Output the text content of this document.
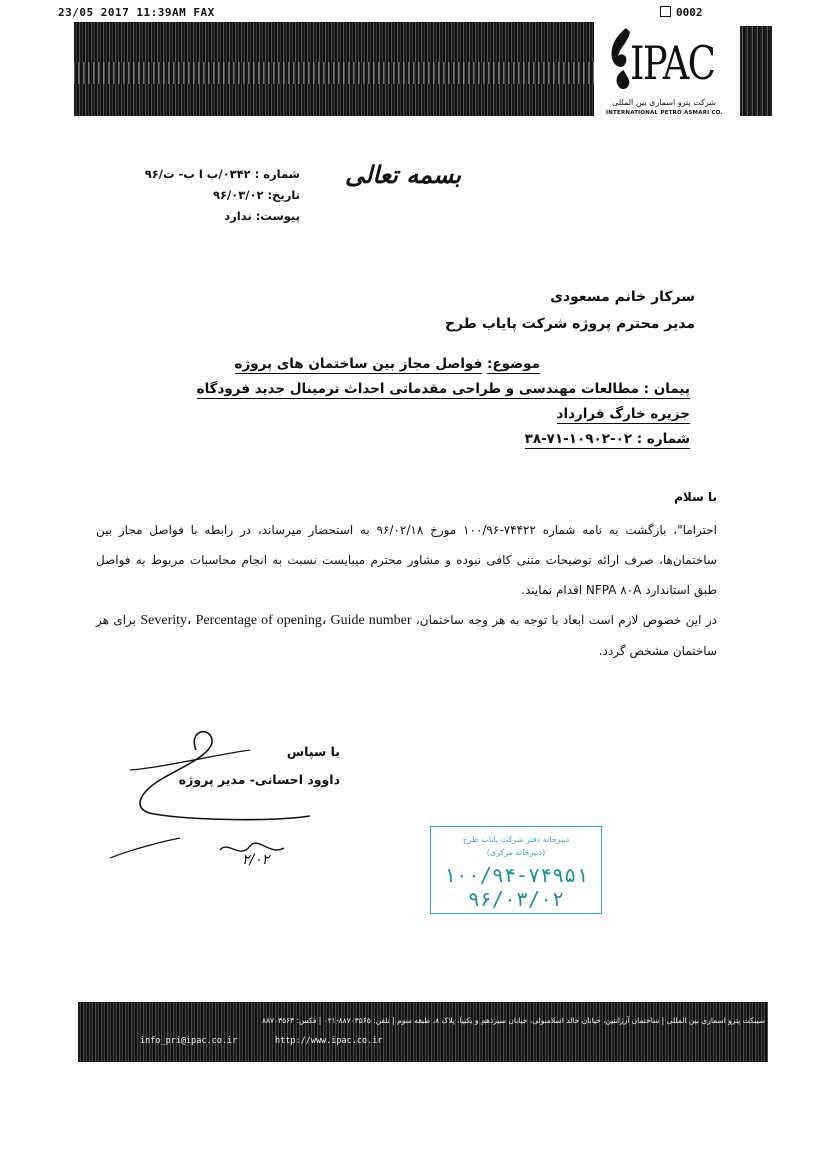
23/05 2017 11:39AM FAX	0002
IPAC
شرکت پترو اسماری بین المللی
INTERNATIONAL PETRO ASMARI CO.
بسمه تعالی
شماره : ۰۳۴۲/ب ا ب- ت/۹۶
تاریخ: ۹۶/۰۳/۰۲
پیوست: ندارد
سرکار خانم مسعودی
مدیر محترم پروژه شرکت پایاب طرح
موضوع: فواصل مجاز بین ساختمان های پروژه
پیمان : مطالعات مهندسی و طراحی مقدماتی احداث ترمینال جدید فرودگاه جزیره خارگ قرارداد
شماره : ۰۲-۱۰۹۰۲-۷۱-۳۸
با سلام

احتراما"، بازگشت به نامه شماره ۷۴۴۲۲-۱۰۰/۹۶ مورخ ۹۶/۰۲/۱۸ به استحضار میرساند، در رابطه با فواصل مجاز بین ساختمان‌ها، صرف ارائه توضیحات متنی کافی نبوده و مشاور محترم میبایست نسبت به انجام محاسبات مربوط به فواصل طبق استاندارد NFPA ۸۰A اقدام نمایند.

در این خصوص لازم است ابعاد با توجه به هر وجه ساختمان، Severity، Percentage of opening، Guide number برای هر ساختمان مشخص گردد.

با سپاس
داوود احسانی- مدیر پروژه
۲/۰۲
دبیرخانه دفتر شرکت پایاب طرح
(دبیرخانه مرکزی)
۱۰۰/۹۴-۷۴۹۵۱
۹۶/۰۳/۰۲
سینکت پترو اسماری بین المللی | ساختمان آرژانتین، خیابان خالد اسلامبولی، خیابان سیزدهم و یکبیا، پلاک ۸، طبقه سوم | تلفن: ۸۸۷۰۳۵۶۵-۰۲۱ | فکس: ۸۸۷۰۳۵۶۴
info_pri@ipac.co.ir	http://www.ipac.co.ir
